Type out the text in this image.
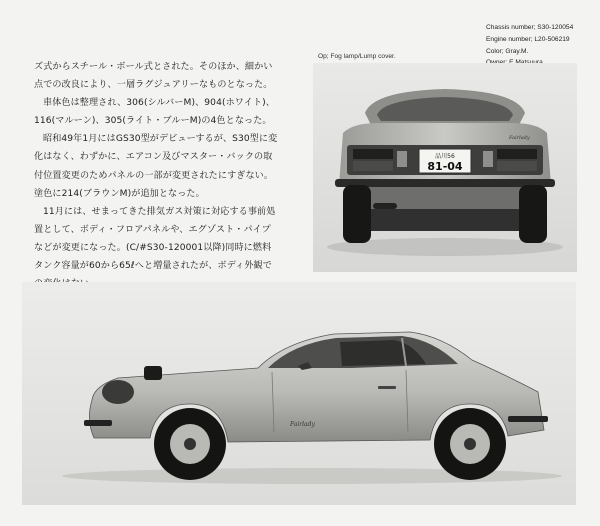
ズ式からスチール・ボール式とされた。そのほか、細かい点での改良により、一層ラグジュアリーなものとなった。

車体色は整理され、306(シルバーM)、904(ホワイト)、116(マルーン)、305(ライト・ブルーM)の4色となった。

昭和49年1月にはGS30型がデビューするが、S30型に変化はなく、わずかに、エアコン及びマスター・バックの取付位置変更のためパネルの一部が変更されたにすぎない。塗色に214(ブラウンM)が追加となった。

11月には、せまってきた排気ガス対策に対応する事前処置として、ボディ・フロアパネルや、エグゾスト・パイプなどが変更になった。(C/#S30-120001以降)同時に燃料タンク容量が60から65ℓへと増量されたが、ボディ外観で

Chassis number; S30-120054
Engine number; L20-506219
Color; Gray.M.
Op; Fog lamp/Lump cover.
品川56
81-04
Fairlady
Fairlady
